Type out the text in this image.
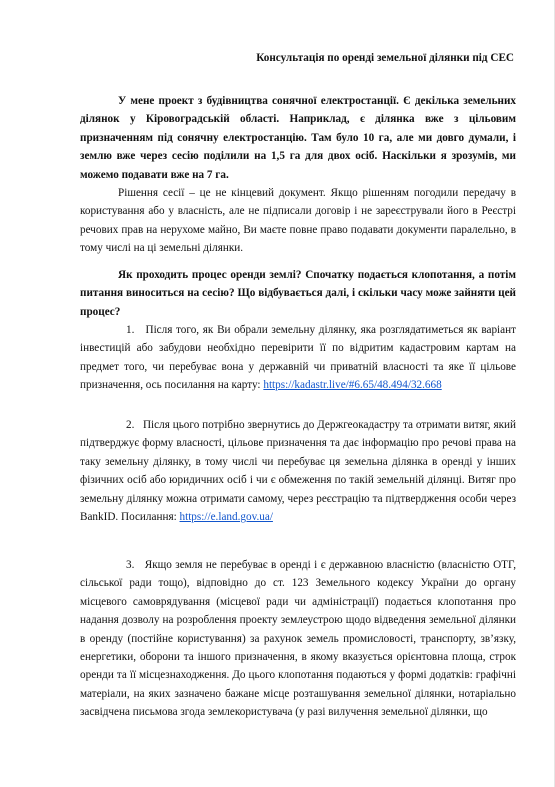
Консультація по оренді земельної ділянки під СЕС
У мене проект з будівництва сонячної електростанції. Є декілька земельних ділянок у Кіровоградській області. Наприклад, є ділянка вже з цільовим призначенням під сонячну електростанцію. Там було 10 га, але ми довго думали, і землю вже через сесію поділили на 1,5 га для двох осіб. Наскільки я зрозумів, ми можемо подавати вже на 7 га.
Рішення сесії – це не кінцевий документ. Якщо рішенням погодили передачу в користування або у власність, але не підписали договір і не зареєстрували його в Реєстрі речових прав на нерухоме майно, Ви маєте повне право подавати документи паралельно, в тому числі на ці земельні ділянки.
Як проходить процес оренди землі? Спочатку подається клопотання, а потім питання виноситься на сесію? Що відбувається далі, і скільки часу може зайняти цей процес?
1. Після того, як Ви обрали земельну ділянку, яка розглядатиметься як варіант інвестицій або забудови необхідно перевірити її по відритим кадастровим картам на предмет того, чи перебуває вона у державній чи приватній власності та яке її цільове призначення, ось посилання на карту: https://kadastr.live/#6.65/48.494/32.668
2. Після цього потрібно звернутись до Держгеокадастру та отримати витяг, який підтверджує форму власності, цільове призначення та дає інформацію про речові права на таку земельну ділянку, в тому числі чи перебуває ця земельна ділянка в оренді у інших фізичних осіб або юридичних осіб і чи є обмеження по такій земельній ділянці. Витяг про земельну ділянку можна отримати самому, через реєстрацію та підтвердження особи через BankID. Посилання: https://e.land.gov.ua/
3. Якщо земля не перебуває в оренді і є державною власністю (власністю ОТГ, сільської ради тощо), відповідно до ст. 123 Земельного кодексу України до органу місцевого самоврядування (місцевої ради чи адміністрації) подається клопотання про надання дозволу на розроблення проекту землеустрою щодо відведення земельної ділянки в оренду (постійне користування) за рахунок земель промисловості, транспорту, зв’язку, енергетики, оборони та іншого призначення, в якому вказується орієнтовна площа, строк оренди та її місцезнаходження. До цього клопотання подаються у формі додатків: графічні матеріали, на яких зазначено бажане місце розташування земельної ділянки, нотаріально засвідчена письмова згода землекористувача (у разі вилучення земельної ділянки, що
